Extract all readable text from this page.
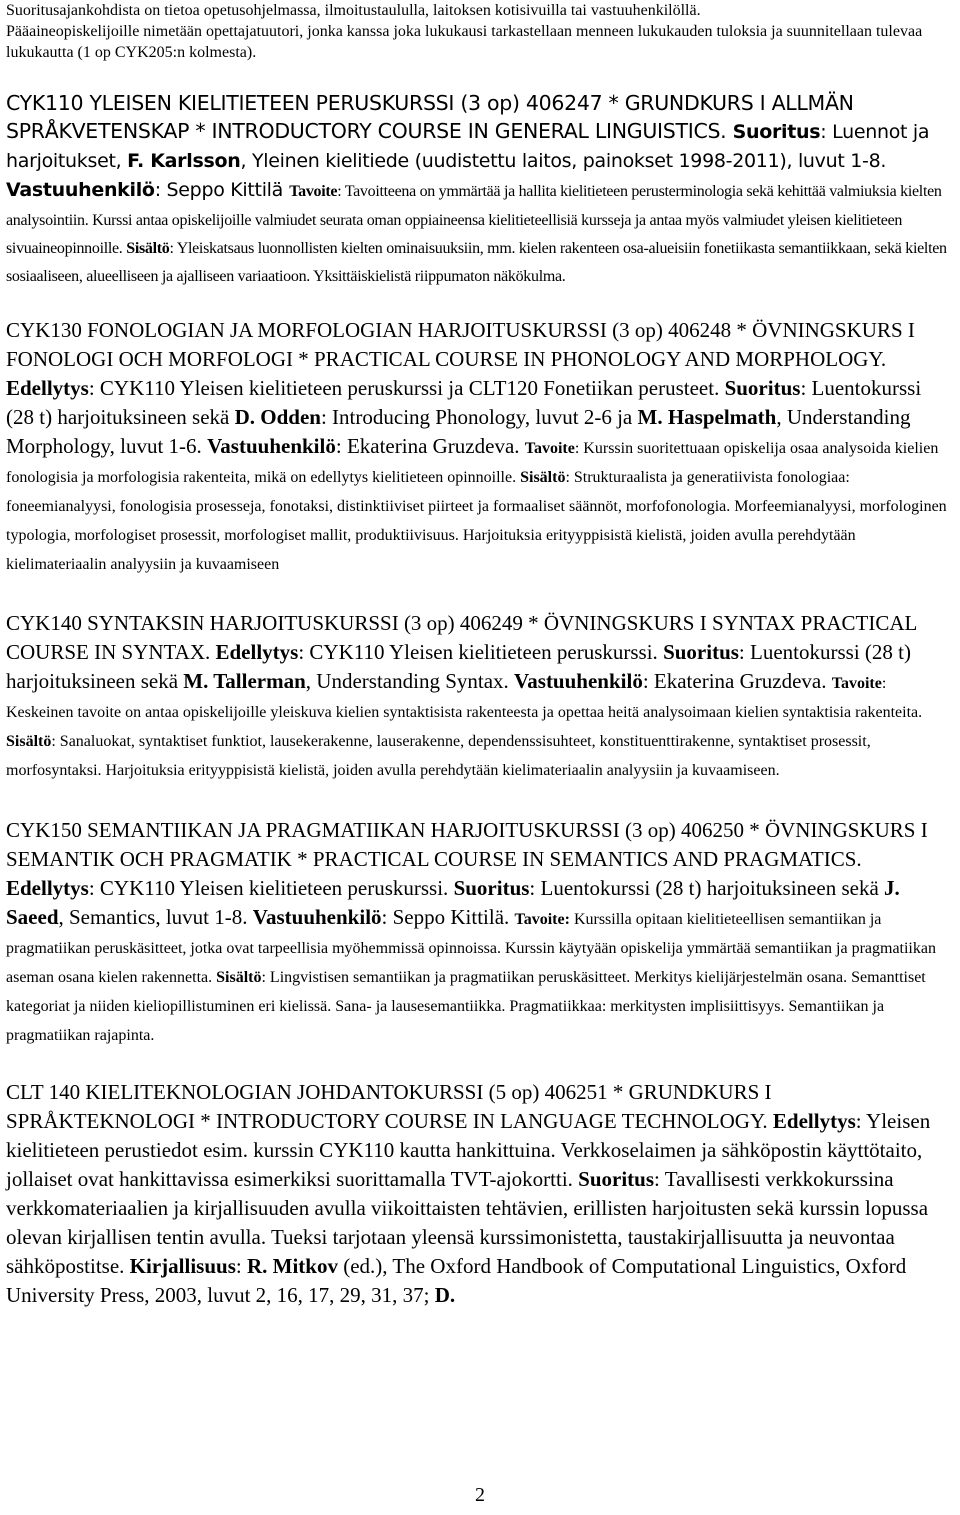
Suoritusajankohdista on tietoa opetusohjelmassa, ilmoitustaululla, laitoksen kotisivuilla tai vastuuhenkilöllä.
Pääaineopiskelijoille nimetään opettajatuutori, jonka kanssa joka lukukausi tarkastellaan menneen lukukauden tuloksia ja suunnitellaan tulevaa lukukautta (1 op CYK205:n kolmesta).
CYK110 YLEISEN KIELITIETEEN PERUSKURSSI (3 op) 406247 * GRUNDKURS I ALLMÄN SPRÅKVETENSKAP * INTRODUCTORY COURSE IN GENERAL LINGUISTICS. Suoritus: Luennot ja harjoitukset, F. Karlsson, Yleinen kielitiede (uudistettu laitos, painokset 1998-2011), luvut 1-8. Vastuuhenkilö: Seppo Kittilä Tavoite: Tavoitteena on ymmärtää ja hallita kielitieteen perusterminologia sekä kehittää valmiuksia kielten analysointiin. Kurssi antaa opiskelijoille valmiudet seurata oman oppiaineensa kielitieteellisiä kursseja ja antaa myös valmiudet yleisen kielitieteen sivuaineopinnoille. Sisältö: Yleiskatsaus luonnollisten kielten ominaisuuksiin, mm. kielen rakenteen osa-alueisiin fonetiikasta semantiikkaan, sekä kielten sosiaaliseen, alueelliseen ja ajalliseen variaatioon. Yksittäiskielistä riippumaton näkökulma.

CYK130 FONOLOGIAN JA MORFOLOGIAN HARJOITUSKURSSI (3 op) 406248 * ÖVNINGSKURS I FONOLOGI OCH MORFOLOGI * PRACTICAL COURSE IN PHONOLOGY AND MORPHOLOGY. Edellytys: CYK110 Yleisen kielitieteen peruskurssi ja CLT120 Fonetiikan perusteet. Suoritus: Luentokurssi (28 t) harjoituksineen sekä D. Odden: Introducing Phonology, luvut 2-6 ja M. Haspelmath, Understanding Morphology, luvut 1-6. Vastuuhenkilö: Ekaterina Gruzdeva. Tavoite: Kurssin suoritettuaan opiskelija osaa analysoida kielien fonologisia ja morfologisia rakenteita, mikä on edellytys kielitieteen opinnoille. Sisältö: Strukturaalista ja generatiivista fonologiaa: foneemianalyysi, fonologisia prosesseja, fonotaksi, distinktiiviset piirteet ja formaaliset säännöt, morfofonologia. Morfeemianalyysi, morfologinen typologia, morfologiset prosessit, morfologiset mallit, produktiivisuus. Harjoituksia erityyppisistä kielistä, joiden avulla perehdytään kielimateriaalin analyysiin ja kuvaamiseen

CYK140 SYNTAKSIN HARJOITUSKURSSI (3 op) 406249 * ÖVNINGSKURS I SYNTAX PRACTICAL COURSE IN SYNTAX. Edellytys: CYK110 Yleisen kielitieteen peruskurssi. Suoritus: Luentokurssi (28 t) harjoituksineen sekä M. Tallerman, Understanding Syntax. Vastuuhenkilö: Ekaterina Gruzdeva. Tavoite: Keskeinen tavoite on antaa opiskelijoille yleiskuva kielien syntaktisista rakenteesta ja opettaa heitä analysoimaan kielien syntaktisia rakenteita. Sisältö: Sanaluokat, syntaktiset funktiot, lausekerakenne, lauserakenne, dependenssisuhteet, konstituenttirakenne, syntaktiset prosessit, morfosyntaksi. Harjoituksia erityyppisistä kielistä, joiden avulla perehdytään kielimateriaalin analyysiin ja kuvaamiseen.

CYK150 SEMANTIIKAN JA PRAGMATIIKAN HARJOITUSKURSSI (3 op) 406250 * ÖVNINGSKURS I SEMANTIK OCH PRAGMATIK * PRACTICAL COURSE IN SEMANTICS AND PRAGMATICS. Edellytys: CYK110 Yleisen kielitieteen peruskurssi. Suoritus: Luentokurssi (28 t) harjoituksineen sekä J. Saeed, Semantics, luvut 1-8. Vastuuhenkilö: Seppo Kittilä. Tavoite: Kurssilla opitaan kielitieteellisen semantiikan ja pragmatiikan peruskäsitteet, jotka ovat tarpeellisia myöhemmissä opinnoissa. Kurssin käytyään opiskelija ymmärtää semantiikan ja pragmatiikan aseman osana kielen rakennetta. Sisältö: Lingvistisen semantiikan ja pragmatiikan peruskäsitteet. Merkitys kielijärjestelmän osana. Semanttiset kategoriat ja niiden kieliopillistuminen eri kielissä. Sana- ja lausesemantiikka. Pragmatiikkaa: merkitysten implisiittisyys. Semantiikan ja pragmatiikan rajapinta.

CLT 140 KIELITEKNOLOGIAN JOHDANTOKURSSI (5 op) 406251 * GRUNDKURS I SPRÅKTEKNOLOGI * INTRODUCTORY COURSE IN LANGUAGE TECHNOLOGY. Edellytys: Yleisen kielitieteen perustiedot esim. kurssin CYK110 kautta hankittuina. Verkkoselaimen ja sähköpostin käyttötaito, jollaiset ovat hankittavissa esimerkiksi suorittamalla TVT-ajokortti. Suoritus: Tavallisesti verkkokurssina verkkomateriaalien ja kirjallisuuden avulla viikoittaisten tehtävien, erillisten harjoitusten sekä kurssin lopussa olevan kirjallisen tentin avulla. Tueksi tarjotaan yleensä kurssimonistetta, taustakirjallisuutta ja neuvontaa sähköpostitse. Kirjallisuus: R. Mitkov (ed.), The Oxford Handbook of Computational Linguistics, Oxford University Press, 2003, luvut 2, 16, 17, 29, 31, 37; D.

2
